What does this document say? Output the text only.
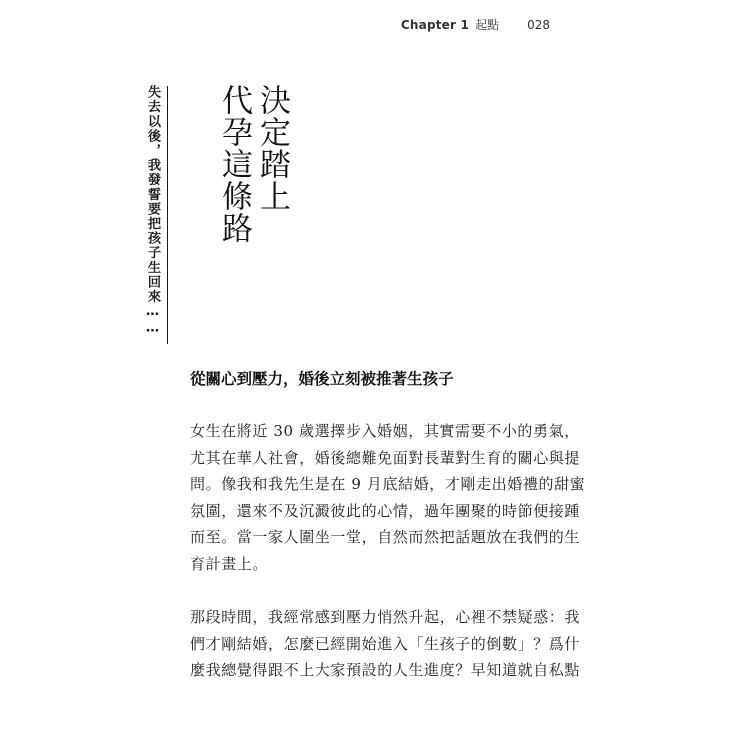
Chapter 1 起點 028
失去以後，我發誓要把孩子生回來……	決定踏上
代孕這條路
從關心到壓力，婚後立刻被推著生孩子
女生在將近 30 歲選擇步入婚姻，其實需要不小的勇氣，
尤其在華人社會，婚後總難免面對長輩對生育的關心與提
問。像我和我先生是在 9 月底結婚，才剛走出婚禮的甜蜜
氛圍，還來不及沉澱彼此的心情，過年團聚的時節便接踵
而至。當一家人圍坐一堂，自然而然把話題放在我們的生
育計畫上。
那段時間，我經常感到壓力悄然升起，心裡不禁疑惑：我
們才剛結婚，怎麼已經開始進入「生孩子的倒數」？爲什
麼我總覺得跟不上大家預設的人生進度？早知道就自私點
